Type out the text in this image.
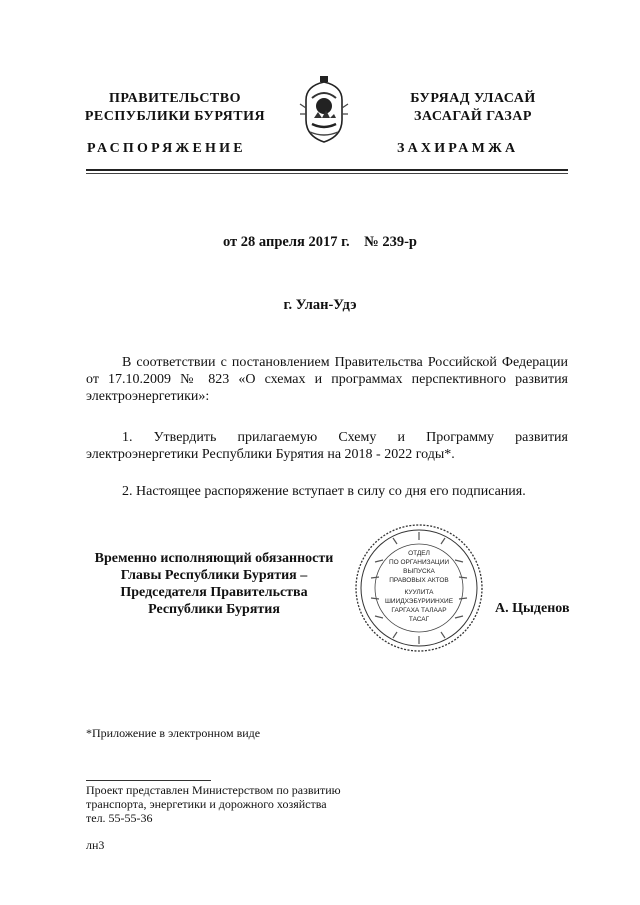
ПРАВИТЕЛЬСТВО
РЕСПУБЛИКИ БУРЯТИЯ
БУРЯАД УЛАСАЙ
ЗАСАГАЙ ГАЗАР
РАСПОРЯЖЕНИЕ	ЗАХИРАМЖА
от 28 апреля 2017 г. № 239-р
г. Улан-Удэ
В соответствии с постановлением Правительства Российской Федерации от 17.10.2009 № 823 «О схемах и программах перспективного развития электроэнергетики»:
1. Утвердить прилагаемую Схему и Программу развития электроэнергетики Республики Бурятия на 2018 - 2022 годы*.
2. Настоящее распоряжение вступает в силу со дня его подписания.
Временно исполняющий обязанности
Главы Республики Бурятия –
Председателя Правительства
Республики Бурятия
ОТДЕЛ
ПО ОРГАНИЗАЦИИ
ВЫПУСКА
ПРАВОВЫХ АКТОВ
КУУЛИТА
ШИИДХЭБҮРИИНХИЕ
ГАРГАХА ТАЛААР
ТАСАГ
А. Цыденов
*Приложение в электронном виде
Проект представлен Министерством по развитию
транспорта, энергетики и дорожного хозяйства
тел. 55-55-36
лн3
